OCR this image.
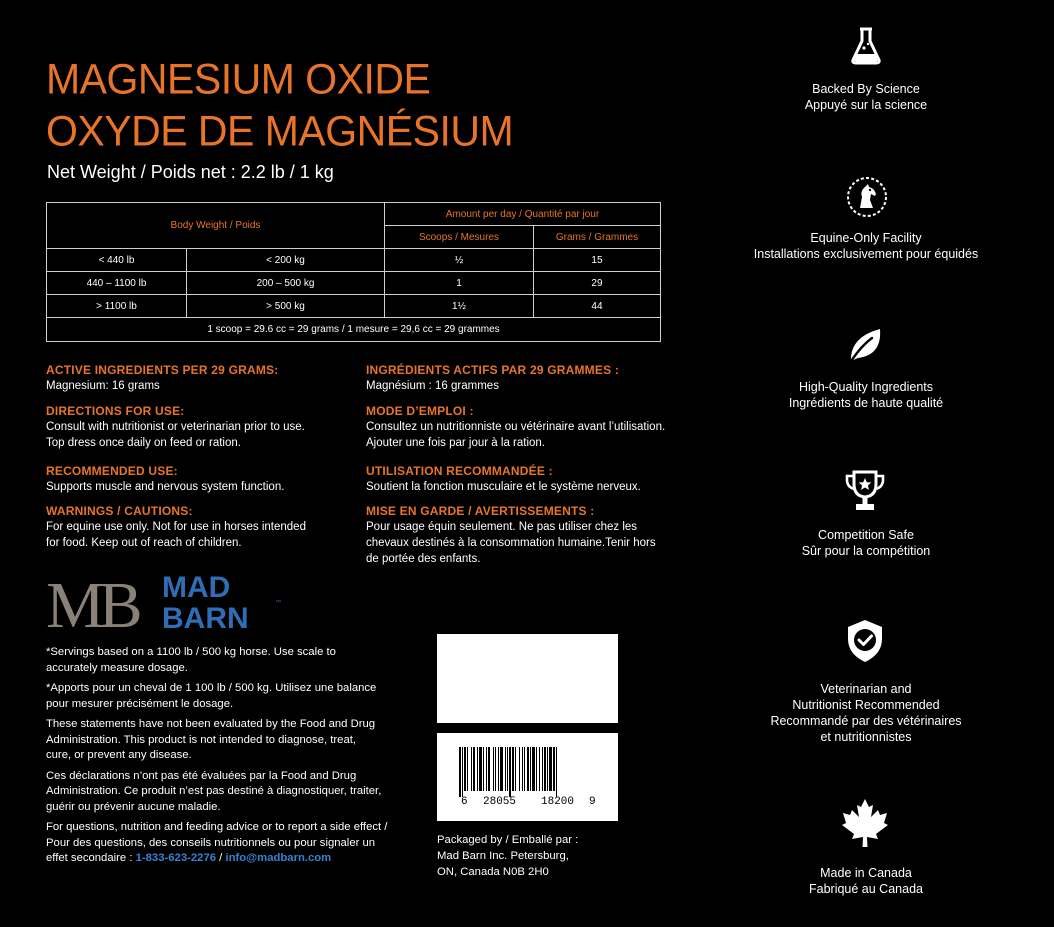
MAGNESIUM OXIDE
OXYDE DE MAGNÉSIUM
Net Weight / Poids net : 2.2 lb / 1 kg
Body Weight / Poids		Amount per day / Quantité par jour	
		Scoops / Mesures	Grams / Grammes
< 440 lb	< 200 kg	½	15
440 – 1100 lb	200 – 500 kg	1	29
> 1100 lb	> 500 kg	1½	44
1 scoop = 29.6 cc = 29 grams / 1 mesure = 29,6 cc = 29 grammes			
ACTIVE INGREDIENTS PER 29 GRAMS:
Magnesium: 16 grams
DIRECTIONS FOR USE:
Consult with nutritionist or veterinarian prior to use.
Top dress once daily on feed or ration.
RECOMMENDED USE:
Supports muscle and nervous system function.
WARNINGS / CAUTIONS:
For equine use only. Not for use in horses intended
for food. Keep out of reach of children.
INGRÉDIENTS ACTIFS PAR 29 GRAMMES :
Magnésium : 16 grammes
MODE D’EMPLOI :
Consultez un nutritionniste ou vétérinaire avant l’utilisation.
Ajouter une fois par jour à la ration.
UTILISATION RECOMMANDÉE :
Soutient la fonction musculaire et le système nerveux.
MISE EN GARDE / AVERTISSEMENTS :
Pour usage équin seulement. Ne pas utiliser chez les
chevaux destinés à la consommation humaine.Tenir hors
de portée des enfants.
MB MAD
BARN	™
*Servings based on a 1100 lb / 500 kg horse. Use scale to
accurately measure dosage.
*Apports pour un cheval de 1 100 lb / 500 kg. Utilisez une balance
pour mesurer précisément le dosage.
These statements have not been evaluated by the Food and Drug
Administration. This product is not intended to diagnose, treat,
cure, or prevent any disease.
Ces déclarations n’ont pas été évaluées par la Food and Drug
Administration. Ce produit n’est pas destiné à diagnostiquer, traiter,
guérir ou prévenir aucune maladie.
For questions, nutrition and feeding advice or to report a side effect /
Pour des questions, des conseils nutritionnels ou pour signaler un
effet secondaire : 1-833-623-2276 / info@madbarn.com
6 28055 18200 9
Packaged by / Emballé par :
Mad Barn Inc. Petersburg,
ON, Canada N0B 2H0
Backed By Science
Appuyé sur la science
Equine-Only Facility
Installations exclusivement pour équidés
High-Quality Ingredients
Ingrédients de haute qualité
Competition Safe
Sûr pour la compétition
Veterinarian and
Nutritionist Recommended
Recommandé par des vétérinaires
et nutritionnistes
Made in Canada
Fabriqué au Canada
